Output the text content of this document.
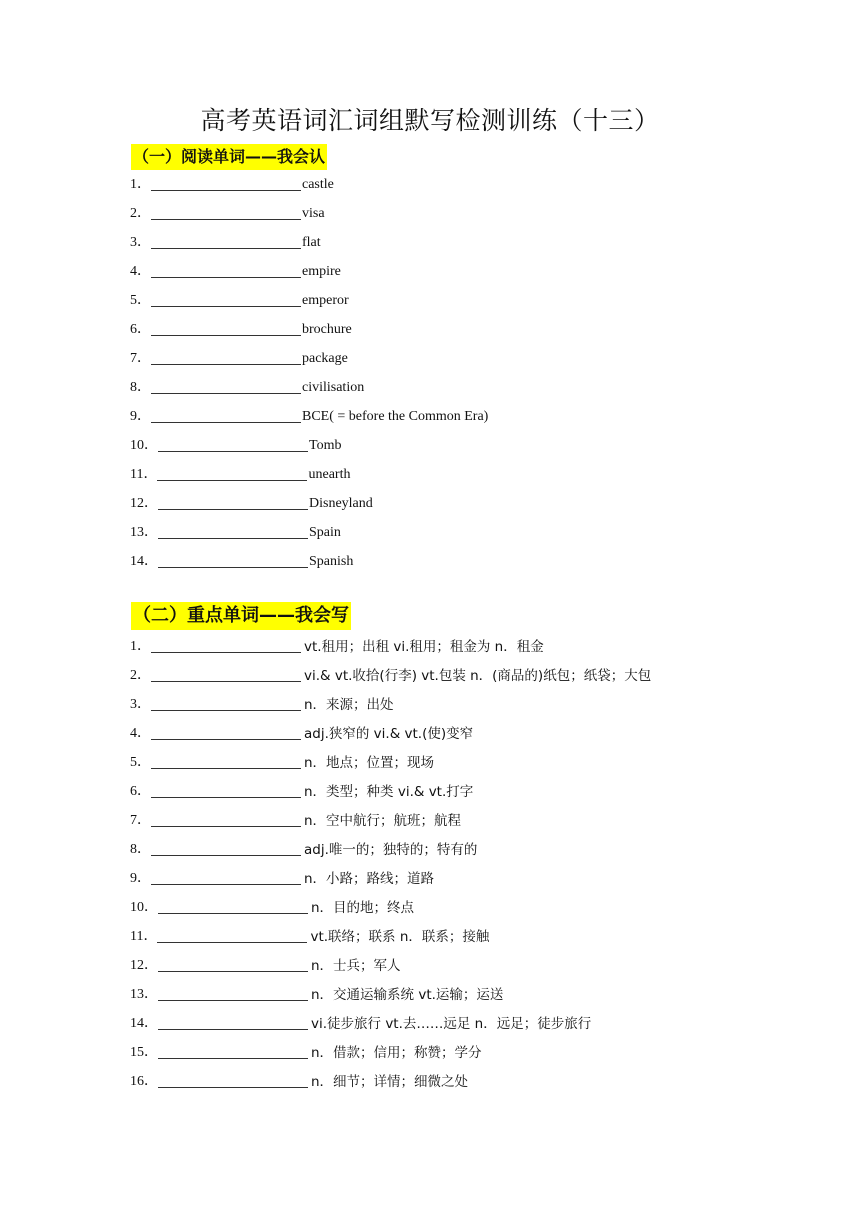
高考英语词汇词组默写检测训练（十三）
（一）阅读单词——我会认
1．	castle
2．	visa
3．	flat
4．	empire
5．	emperor
6．	brochure
7．	package
8．	civilisation
9．	BCE( = before the Common Era)
10．	Tomb
11．	unearth
12．	Disneyland
13．	Spain
14．	Spanish
（二）重点单词——我会写
1．	vt.租用；出租 vi.租用；租金为 n．租金
2．	vi.& vt.收拾(行李) vt.包装 n．(商品的)纸包；纸袋；大包
3．	n．来源；出处
4．	adj.狭窄的 vi.& vt.(使)变窄
5．	n．地点；位置；现场
6．	n．类型；种类 vi.& vt.打字
7．	n．空中航行；航班；航程
8．	adj.唯一的；独特的；特有的
9．	n．小路；路线；道路
10．	n．目的地；终点
11．	vt.联络；联系 n．联系；接触
12．	n．士兵；军人
13．	n．交通运输系统 vt.运输；运送
14．	vi.徒步旅行 vt.去……远足 n．远足；徒步旅行
15．	n．借款；信用；称赞；学分
16．	n．细节；详情；细微之处
